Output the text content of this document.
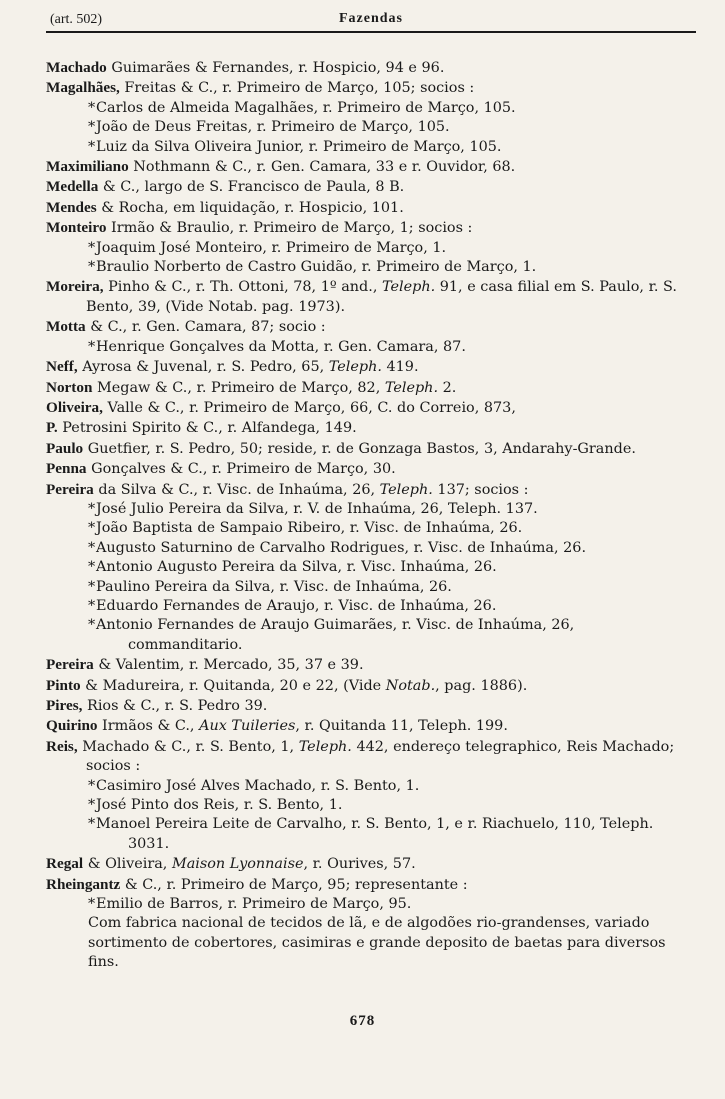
(art. 502)	Fazendas

Machado Guimarães & Fernandes, r. Hospicio, 94 e 96.

Magalhães, Freitas & C., r. Primeiro de Março, 105; socios :

*Carlos de Almeida Magalhães, r. Primeiro de Março, 105.

*João de Deus Freitas, r. Primeiro de Março, 105.

*Luiz da Silva Oliveira Junior, r. Primeiro de Março, 105.

Maximiliano Nothmann & C., r. Gen. Camara, 33 e r. Ouvidor, 68.

Medella & C., largo de S. Francisco de Paula, 8 B.

Mendes & Rocha, em liquidação, r. Hospicio, 101.

Monteiro Irmão & Braulio, r. Primeiro de Março, 1; socios :

*Joaquim José Monteiro, r. Primeiro de Março, 1.

*Braulio Norberto de Castro Guidão, r. Primeiro de Março, 1.

Moreira, Pinho & C., r. Th. Ottoni, 78, 1º and., Teleph. 91, e casa filial em S. Paulo, r. S. Bento, 39, (Vide Notab. pag. 1973).

Motta & C., r. Gen. Camara, 87; socio :

*Henrique Gonçalves da Motta, r. Gen. Camara, 87.

Neff, Ayrosa & Juvenal, r. S. Pedro, 65, Teleph. 419.

Norton Megaw & C., r. Primeiro de Março, 82, Teleph. 2.

Oliveira, Valle & C., r. Primeiro de Março, 66, C. do Correio, 873,

P. Petrosini Spirito & C., r. Alfandega, 149.

Paulo Guetfier, r. S. Pedro, 50; reside, r. de Gonzaga Bastos, 3, Andarahy-Grande.

Penna Gonçalves & C., r. Primeiro de Março, 30.

Pereira da Silva & C., r. Visc. de Inhaúma, 26, Teleph. 137; socios :

*José Julio Pereira da Silva, r. V. de Inhaúma, 26, Teleph. 137.

*João Baptista de Sampaio Ribeiro, r. Visc. de Inhaúma, 26.

*Augusto Saturnino de Carvalho Rodrigues, r. Visc. de Inhaúma, 26.

*Antonio Augusto Pereira da Silva, r. Visc. Inhaúma, 26.

*Paulino Pereira da Silva, r. Visc. de Inhaúma, 26.

*Eduardo Fernandes de Araujo, r. Visc. de Inhaúma, 26.

*Antonio Fernandes de Araujo Guimarães, r. Visc. de Inhaúma, 26, commanditario.

Pereira & Valentim, r. Mercado, 35, 37 e 39.

Pinto & Madureira, r. Quitanda, 20 e 22, (Vide Notab., pag. 1886).

Pires, Rios & C., r. S. Pedro 39.

Quirino Irmãos & C., Aux Tuileries, r. Quitanda 11, Teleph. 199.

Reis, Machado & C., r. S. Bento, 1, Teleph. 442, endereço telegraphico, Reis Machado; socios :

*Casimiro José Alves Machado, r. S. Bento, 1.

*José Pinto dos Reis, r. S. Bento, 1.

*Manoel Pereira Leite de Carvalho, r. S. Bento, 1, e r. Riachuelo, 110, Teleph. 3031.

Regal & Oliveira, Maison Lyonnaise, r. Ourives, 57.

Rheingantz & C., r. Primeiro de Março, 95; representante :

*Emilio de Barros, r. Primeiro de Março, 95.

Com fabrica nacional de tecidos de lã, e de algodões rio-grandenses, variado sortimento de cobertores, casimiras e grande deposito de baetas para diversos fins.

678
